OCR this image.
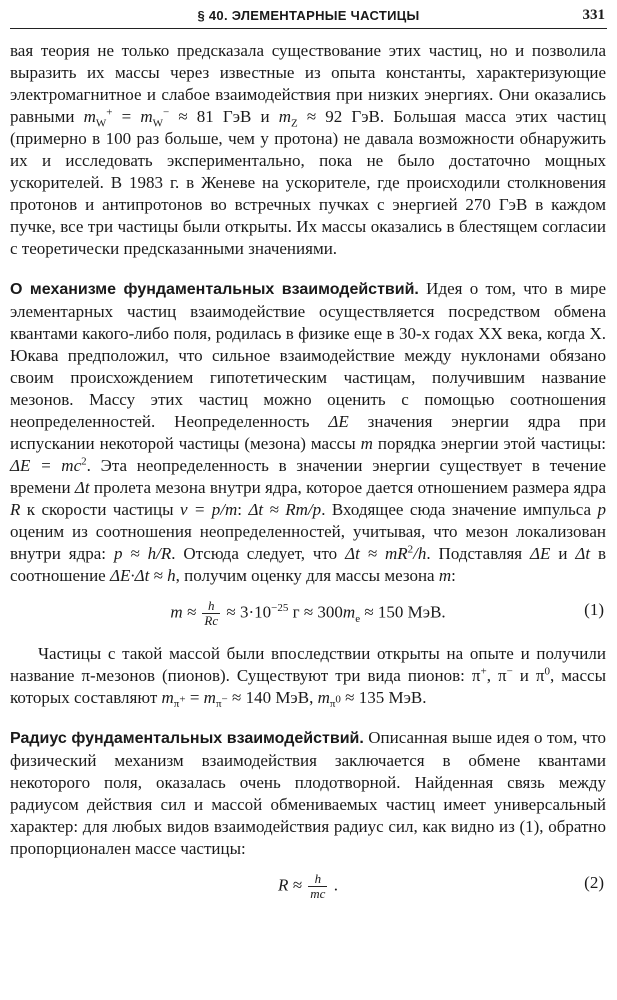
§ 40. ЭЛЕМЕНТАРНЫЕ ЧАСТИЦЫ	331

вая теория не только предсказала существование этих частиц, но и позволила выразить их массы через известные из опыта константы, характеризующие электромагнитное и слабое взаимодействия при низких энергиях. Они оказались равными $m_W^+ = m_W^- \approx 81$ ГэВ и $m_Z \approx 92$ ГэВ. Большая масса этих частиц (примерно в 100 раз больше, чем у протона) не давала возможности обнаружить их и исследовать экспериментально, пока не было достаточно мощных ускорителей. В 1983 г. в Женеве на ускорителе, где происходили столкновения протонов и антипротонов во встречных пучках с энергией 270 ГэВ в каждом пучке, все три частицы были открыты. Их массы оказались в блестящем согласии с теоретически предсказанными значениями.

О механизме фундаментальных взаимодействий. Идея о том, что в мире элементарных частиц взаимодействие осуществляется посредством обмена квантами какого-либо поля, родилась в физике еще в 30-х годах XX века, когда Х. Юкава предположил, что сильное взаимодействие между нуклонами обязано своим происхождением гипотетическим частицам, получившим название мезонов. Массу этих частиц можно оценить с помощью соотношения неопределенностей. Неопределенность ΔE значения энергии ядра при испускании некоторой частицы (мезона) массы m порядка энергии этой частицы: $\Delta E = mc^2$. Эта неопределенность в значении энергии существует в течение времени Δt пролета мезона внутри ядра, которое дается отношением размера ядра R к скорости частицы v = p/m: Δt ≈ Rm/p. Входящее сюда значение импульса p оценим из соотношения неопределенностей, учитывая, что мезон локализован внутри ядра: p ≈ h/R. Отсюда следует, что $\Delta t \approx mR^2/h$. Подставляя ΔE и Δt в соотношение ΔE·Δt ≈ h, получим оценку для массы мезона m:

$m \approx \frac{h}{Rc} \approx 3\cdot 10^{-25}$ $г \approx 300m_e \approx 150$ МэВ.	(1)

Частицы с такой массой были впоследствии открыты на опыте и получили название π-мезонов (пионов). Существуют три вида пионов: π+, π− и $\pi^0$, массы которых составляют $m_{\pi^+} = m_{\pi^-} \approx 140$ МэВ, $m_{\pi^0} \approx 135$ МэВ.

Радиус фундаментальных взаимодействий. Описанная выше идея о том, что физический механизм взаимодействия заключается в обмене квантами некоторого поля, оказалась очень плодотворной. Найденная связь между радиусом действия сил и массой обмениваемых частиц имеет универсальный характер: для любых видов взаимодействия радиус сил, как видно из (1), обратно пропорционален массе частицы:

$R \approx \frac{h}{mc}$ .	(2)
